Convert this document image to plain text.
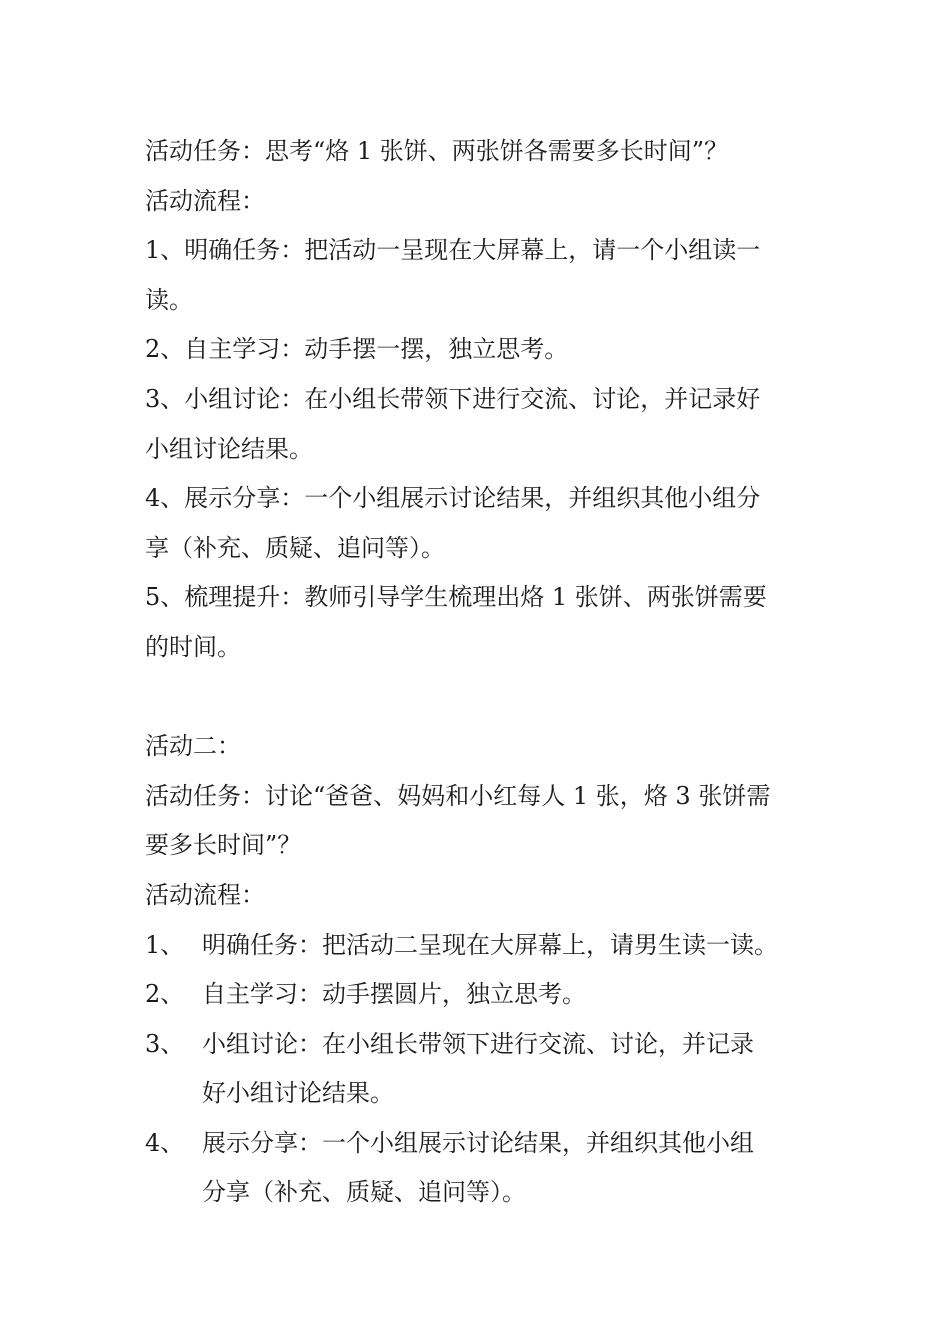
活动任务：思考“烙 1 张饼、两张饼各需要多长时间”？

活动流程：

1、明确任务：把活动一呈现在大屏幕上，请一个小组读一

读。

2、自主学习：动手摆一摆，独立思考。

3、小组讨论：在小组长带领下进行交流、讨论，并记录好

小组讨论结果。

4、展示分享：一个小组展示讨论结果，并组织其他小组分

享（补充、质疑、追问等）。

5、梳理提升：教师引导学生梳理出烙 1 张饼、两张饼需要

的时间。

活动二：

活动任务：讨论“爸爸、妈妈和小红每人 1 张，烙 3 张饼需

要多长时间”？

活动流程：

1、 明确任务：把活动二呈现在大屏幕上，请男生读一读。

2、 自主学习：动手摆圆片，独立思考。

3、 小组讨论：在小组长带领下进行交流、讨论，并记录

好小组讨论结果。

4、 展示分享：一个小组展示讨论结果，并组织其他小组

分享（补充、质疑、追问等）。
